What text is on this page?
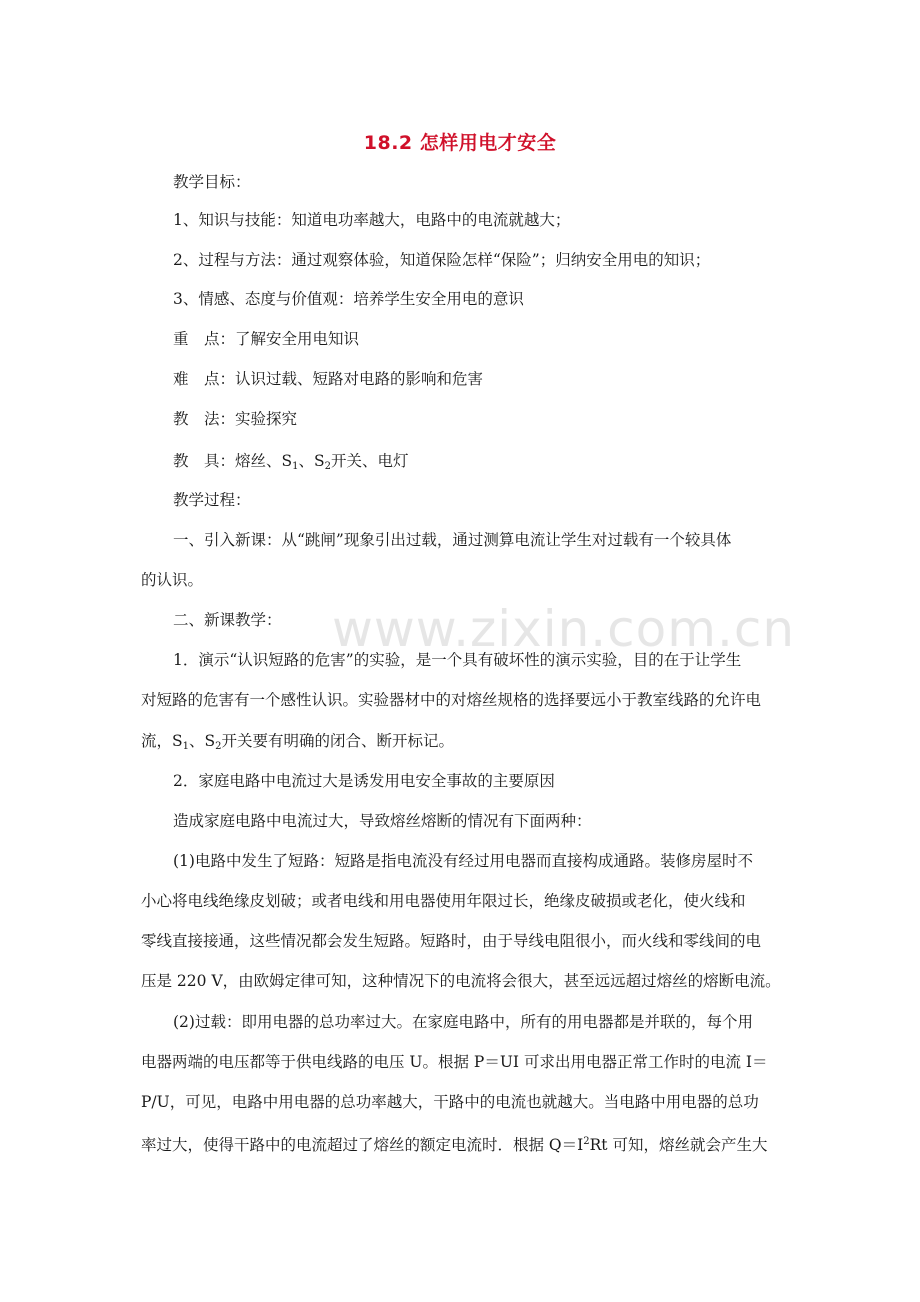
www.zixin.com.cn
18.2 怎样用电才安全
教学目标：
1、知识与技能：知道电功率越大，电路中的电流就越大；
2、过程与方法：通过观察体验，知道保险怎样“保险”；归纳安全用电的知识；
3、情感、态度与价值观：培养学生安全用电的意识
重　点：了解安全用电知识
难　点：认识过载、短路对电路的影响和危害
教　法：实验探究
教　具：熔丝、$S_1$、$S_2$开关、电灯
教学过程：
一、引入新课：从“跳闸”现象引出过载，通过测算电流让学生对过载有一个较具体
的认识。
二、新课教学：
1．演示“认识短路的危害”的实验，是一个具有破坏性的演示实验，目的在于让学生
对短路的危害有一个感性认识。实验器材中的对熔丝规格的选择要远小于教室线路的允许电
流，$S_1$、$S_2$开关要有明确的闭合、断开标记。
2．家庭电路中电流过大是诱发用电安全事故的主要原因
造成家庭电路中电流过大，导致熔丝熔断的情况有下面两种：
(1)电路中发生了短路：短路是指电流没有经过用电器而直接构成通路。装修房屋时不
小心将电线绝缘皮划破；或者电线和用电器使用年限过长，绝缘皮破损或老化，使火线和
零线直接接通，这些情况都会发生短路。短路时，由于导线电阻很小，而火线和零线间的电
压是 220 V，由欧姆定律可知，这种情况下的电流将会很大，甚至远远超过熔丝的熔断电流。
(2)过载：即用电器的总功率过大。在家庭电路中，所有的用电器都是并联的，每个用
电器两端的电压都等于供电线路的电压 U。根据 P＝UI 可求出用电器正常工作时的电流 I＝
P/U，可见，电路中用电器的总功率越大，干路中的电流也就越大。当电路中用电器的总功
率过大，使得干路中的电流超过了熔丝的额定电流时．根据 $Q=I^2Rt$ 可知，熔丝就会产生大
